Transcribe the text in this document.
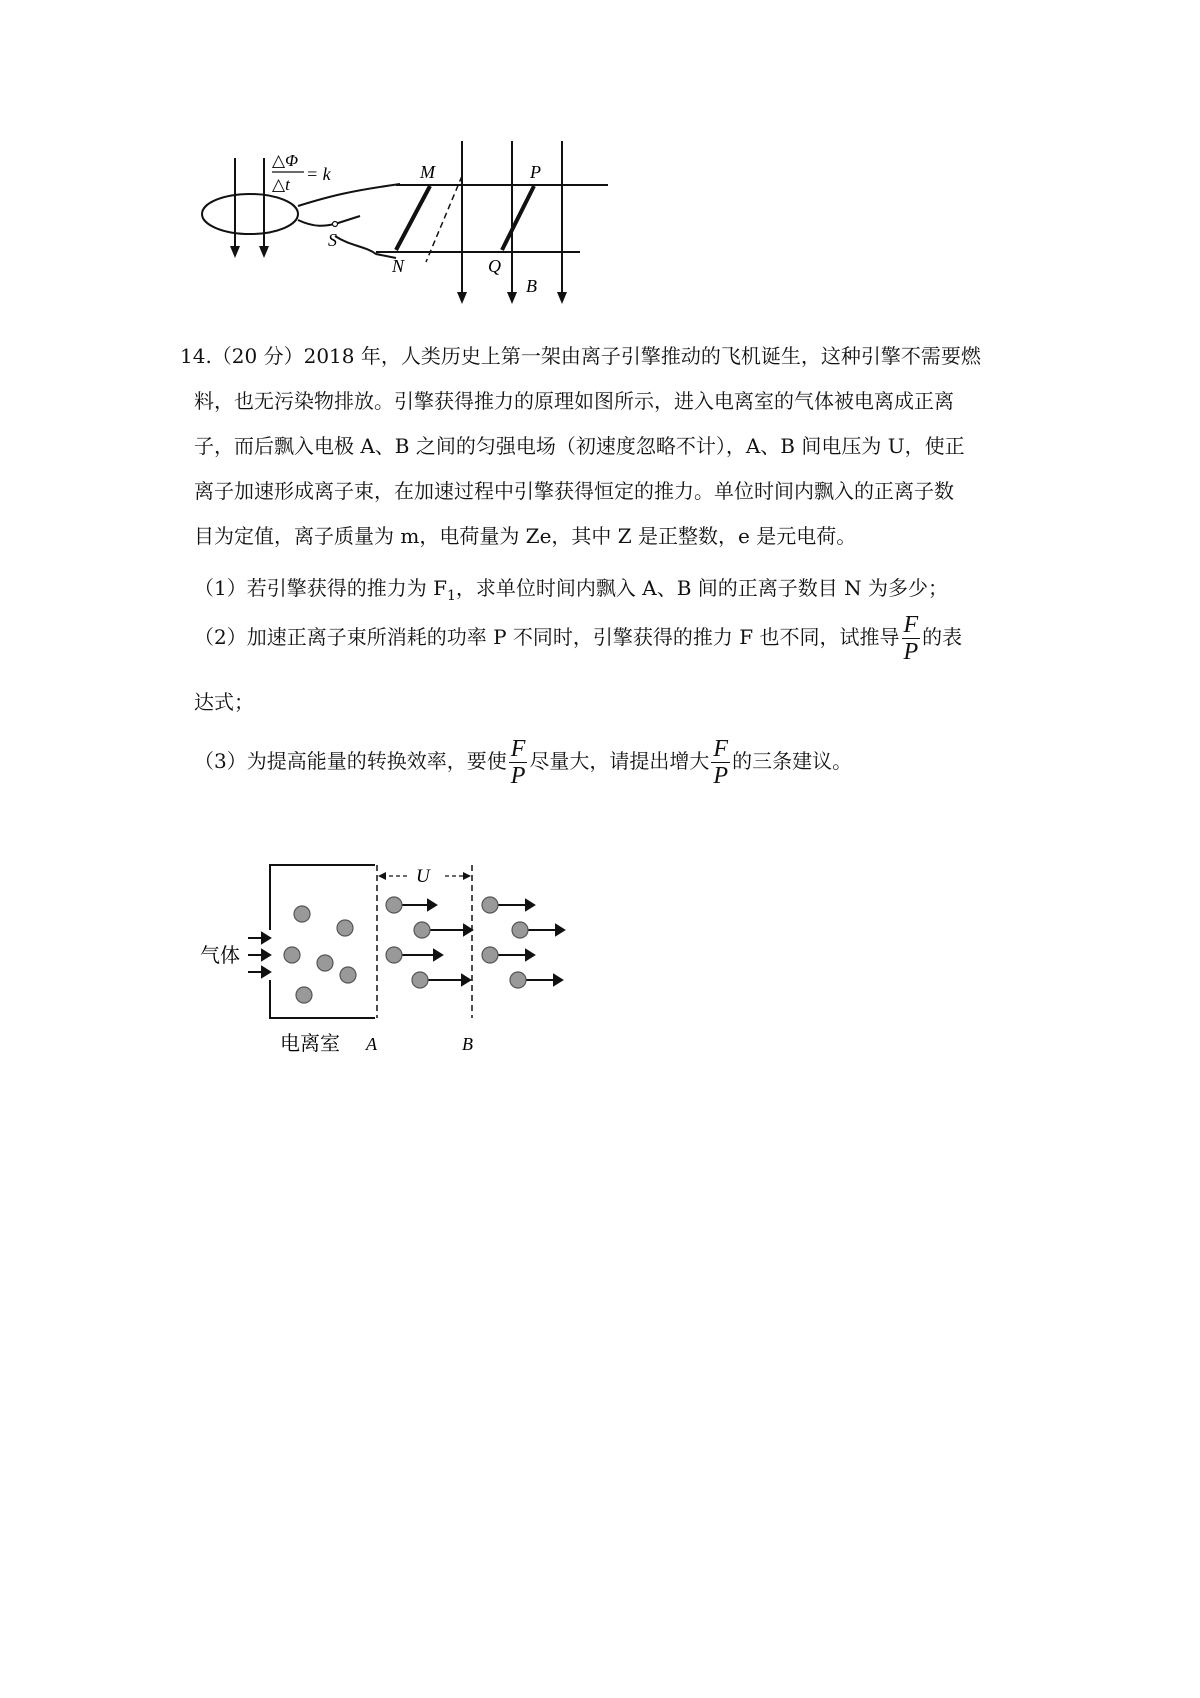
△Φ
△t
= k	M	P
N	Q
S
B
14.（20 分）2018 年，人类历史上第一架由离子引擎推动的飞机诞生，这种引擎不需要燃
料，也无污染物排放。引擎获得推力的原理如图所示，进入电离室的气体被电离成正离
子，而后飘入电极 A、B 之间的匀强电场（初速度忽略不计），A、B 间电压为 U，使正
离子加速形成离子束，在加速过程中引擎获得恒定的推力。单位时间内飘入的正离子数
目为定值，离子质量为 m，电荷量为 Ze，其中 Z 是正整数，e 是元电荷。
（1）若引擎获得的推力为 $F_1$，求单位时间内飘入 A、B 间的正离子数目 N 为多少；
（2）加速正离子束所消耗的功率 P 不同时，引擎获得的推力 F 也不同，试推导 $\frac{F}{P}$ 的表
达式；
（3）为提高能量的转换效率，要使 $\frac{F}{P}$ 尽量大，请提出增大 $\frac{F}{P}$ 的三条建议。
气体
U
电离室 A	B
